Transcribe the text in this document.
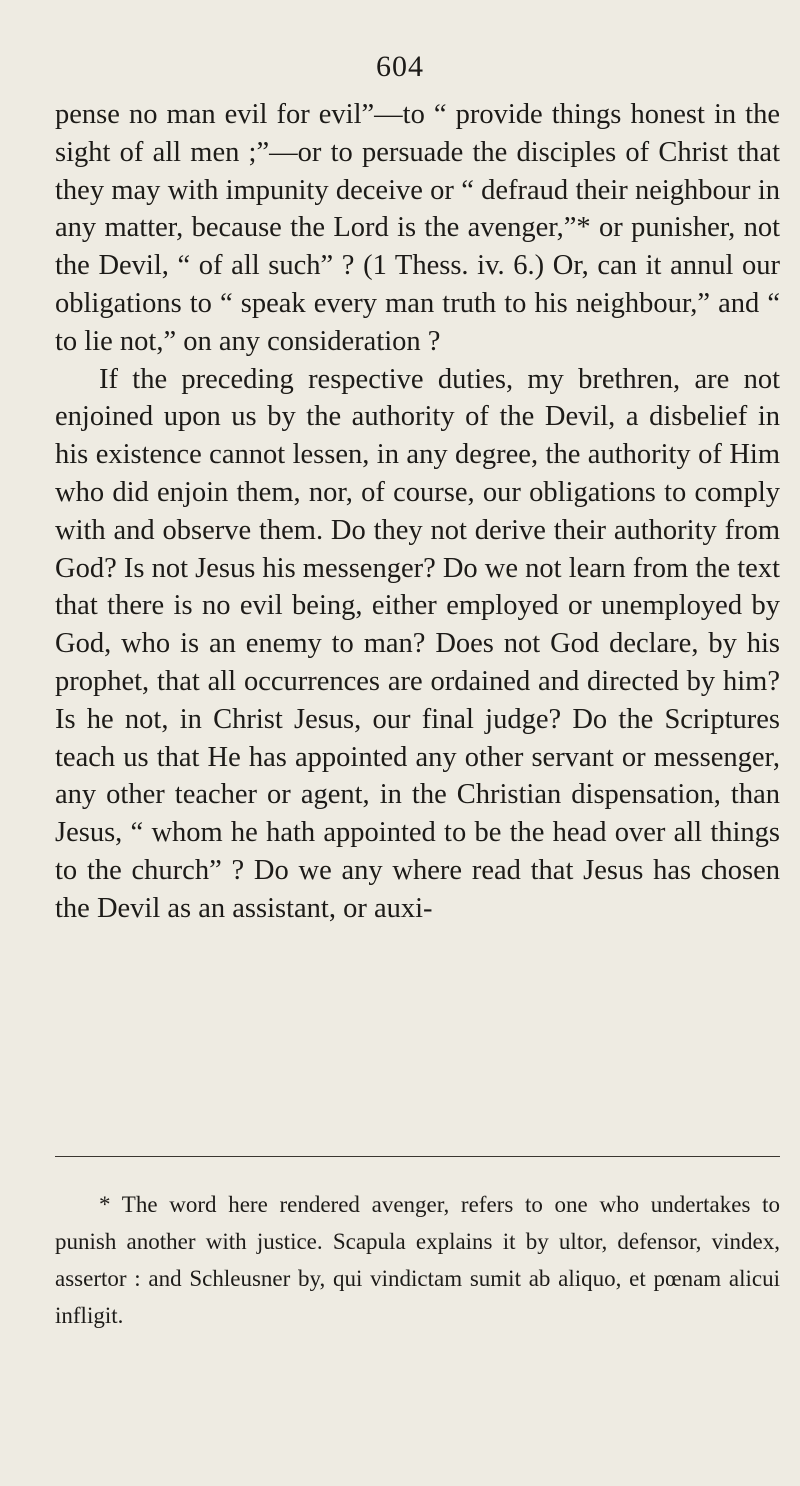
604

pense no man evil for evil”—to “ provide things honest in the sight of all men ;”—or to persuade the disciples of Christ that they may with impunity deceive or “ defraud their neighbour in any matter, because the Lord is the avenger,”* or punisher, not the Devil, “ of all such” ? (1 Thess. iv. 6.) Or, can it annul our obligations to “ speak every man truth to his neighbour,” and “ to lie not,” on any consideration ?

If the preceding respective duties, my brethren, are not enjoined upon us by the authority of the Devil, a disbelief in his existence cannot lessen, in any degree, the authority of Him who did enjoin them, nor, of course, our obligations to comply with and observe them. Do they not derive their authority from God? Is not Jesus his messenger? Do we not learn from the text that there is no evil being, either employed or unemployed by God, who is an enemy to man? Does not God declare, by his prophet, that all occurrences are ordained and directed by him? Is he not, in Christ Jesus, our final judge? Do the Scriptures teach us that He has appointed any other servant or messenger, any other teacher or agent, in the Christian dispensation, than Jesus, “ whom he hath appointed to be the head over all things to the church” ? Do we any where read that Jesus has chosen the Devil as an assistant, or auxi-

* The word here rendered avenger, refers to one who undertakes to punish another with justice. Scapula explains it by ultor, defensor, vindex, assertor : and Schleusner by, qui vindictam sumit ab aliquo, et pœnam alicui infligit.
